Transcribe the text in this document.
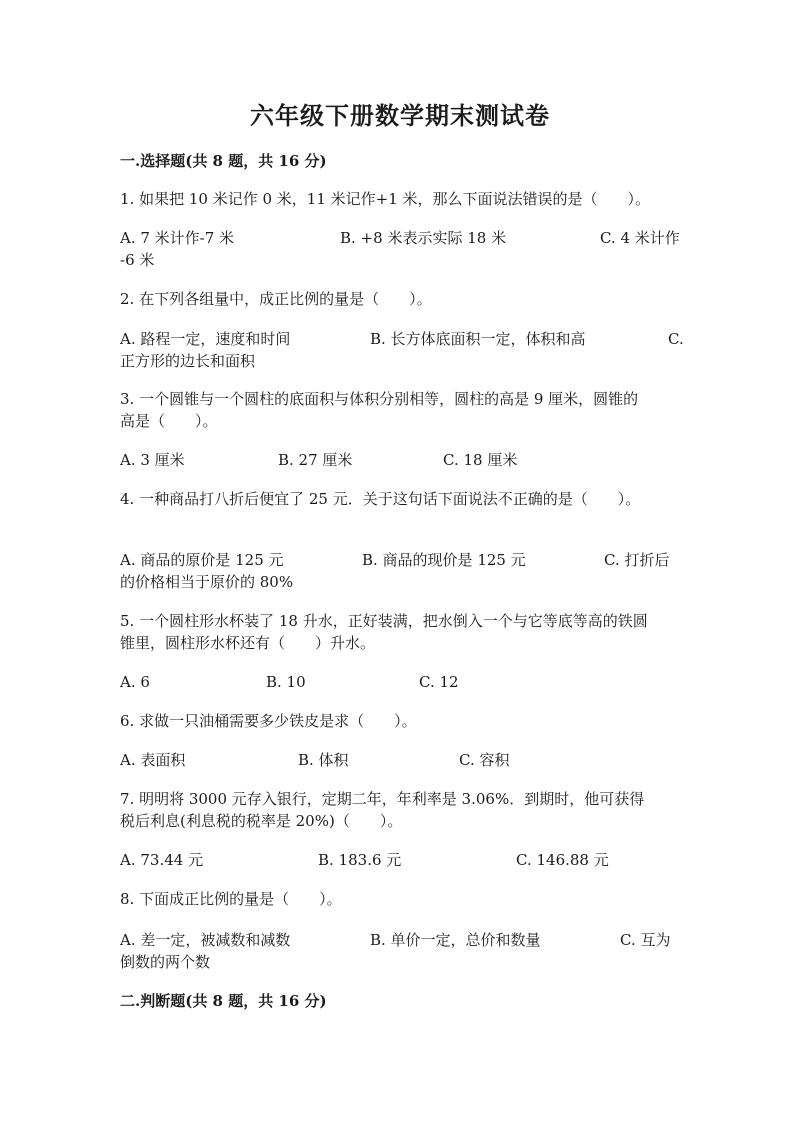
六年级下册数学期末测试卷
一.选择题(共 8 题，共 16 分)
1. 如果把 10 米记作 0 米，11 米记作+1 米，那么下面说法错误的是（　　）。
A. 7 米计作-7 米	B. +8 米表示实际 18 米	C. 4 米计作
-6 米
2. 在下列各组量中，成正比例的量是（　　）。
A. 路程一定，速度和时间	B. 长方体底面积一定，体积和高	C.
正方形的边长和面积
3. 一个圆锥与一个圆柱的底面积与体积分别相等，圆柱的高是 9 厘米，圆锥的
高是（　　）。
A. 3 厘米	B. 27 厘米	C. 18 厘米
4. 一种商品打八折后便宜了 25 元．关于这句话下面说法不正确的是（　　）。
A. 商品的原价是 125 元	B. 商品的现价是 125 元	C. 打折后
的价格相当于原价的 80%
5. 一个圆柱形水杯装了 18 升水，正好装满，把水倒入一个与它等底等高的铁圆
锥里，圆柱形水杯还有（　　）升水。
A. 6	B. 10	C. 12
6. 求做一只油桶需要多少铁皮是求（　　）。
A. 表面积	B. 体积	C. 容积
7. 明明将 3000 元存入银行，定期二年，年利率是 3.06%．到期时，他可获得
税后利息(利息税的税率是 20%)（　　）。
A. 73.44 元	B. 183.6 元	C. 146.88 元
8. 下面成正比例的量是（　　）。
A. 差一定，被减数和减数	B. 单价一定，总价和数量	C. 互为
倒数的两个数
二.判断题(共 8 题，共 16 分)
